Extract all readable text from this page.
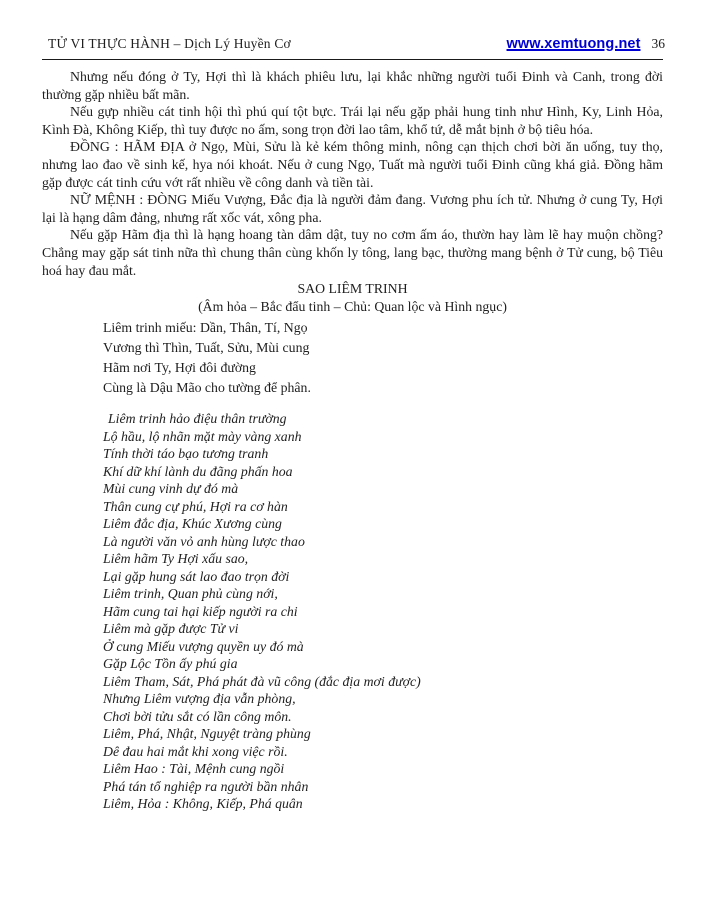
TỬ VI THỰC HÀNH – Dịch Lý Huyền Cơ	www.xemtuong.net 36

Nhưng nếu đóng ở Ty, Hợi thì là khách phiêu lưu, lại khắc những người tuổi Đinh và Canh, trong đời thường gặp nhiều bất mãn.

Nếu gựp nhiều cát tinh hội thì phú quí tột bực. Trái lại nếu gặp phải hung tinh như Hình, Ky, Linh Hỏa, Kình Đà, Không Kiếp, thì tuy được no ấm, song trọn đời lao tâm, khổ tứ, dễ mắt bịnh ở bộ tiêu hóa.

ĐỒNG : HÃM ĐỊA ở Ngọ, Mùi, Sửu là kẻ kém thông minh, nông cạn thịch chơi bời ăn uống, tuy thọ, nhưng lao đao về sinh kế, hya nói khoát. Nếu ở cung Ngọ, Tuất mà người tuổi Đinh cũng khá giả. Đồng hãm gặp được cát tinh cứu vớt rất nhiều về công danh và tiền tài.

NỮ MỆNH : ĐÒNG Miếu Vượng, Đắc địa là người đảm đang. Vương phu ích tử. Nhưng ở cung Ty, Hợi lại là hạng dâm đảng, nhưng rất xốc vát, xông pha.

Nếu gặp Hãm địa thì là hạng hoang tàn dâm dật, tuy no cơm ấm áo, thườn hay làm lẽ hay muộn chồng? Chẳng may gặp sát tinh nữa thì chung thân cùng khốn ly tông, lang bạc, thường mang bệnh ở Tử cung, bộ Tiêu hoá hay đau mắt.

SAO LIÊM TRINH
(Âm hỏa – Bắc đẩu tinh – Chủ: Quan lộc và Hình ngục)
Liêm trinh miếu: Dần, Thân, Tí, Ngọ
Vương thì Thìn, Tuất, Sửu, Mùi cung
Hãm nơi Ty, Hợi đôi đường
Cùng là Dậu Mão cho tường để phân.
Liêm trinh hảo điệu thân trường
Lộ hầu, lộ nhãn mặt mày vàng xanh
Tính thời táo bạo tương tranh
Khí dữ khí lành du đãng phấn hoa
Mùi cung vinh dự đó mà
Thân cung cự phú, Hợi ra cơ hàn
Liêm đắc địa, Khúc Xương cùng
Là người văn vỏ anh hùng lược thao
Liêm hãm Ty Hợi xấu sao,
Lại gặp hung sát lao đao trọn đời
Liêm trinh, Quan phủ cùng nới,
Hãm cung tai hại kiếp người ra chi
Liêm mà gặp được Tử vi
Ở cung Miếu vượng quyền uy đó mà
Gặp Lộc Tồn ấy phú gia
Liêm Tham, Sát, Phá phát đà vũ công (đắc địa mơi được)
Nhưng Liêm vượng địa vẫn phòng,
Chơi bời tửu sắt có lần công môn.
Liêm, Phá, Nhật, Nguyệt tràng phùng
Dê đau hai mắt khi xong việc rồi.
Liêm Hao : Tài, Mệnh cung ngồi
Phá tán tổ nghiệp ra người bần nhân
Liêm, Hỏa : Không, Kiếp, Phá quân
